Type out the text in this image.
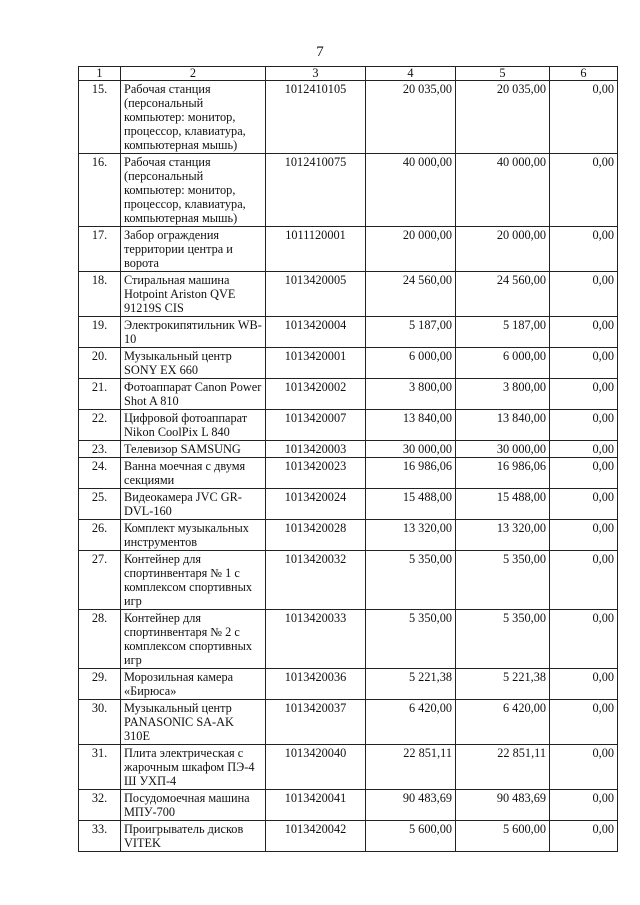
7
1	2	3	4	5	6
15.	Рабочая станция (персональный компьютер: монитор, процессор, клавиатура, компьютерная мышь)	1012410105	20 035,00	20 035,00	0,00
16.	Рабочая станция (персональный компьютер: монитор, процессор, клавиатура, компьютерная мышь)	1012410075	40 000,00	40 000,00	0,00
17.	Забор ограждения территории центра и ворота	1011120001	20 000,00	20 000,00	0,00
18.	Стиральная машина Hotpoint Ariston QVE 91219S CIS	1013420005	24 560,00	24 560,00	0,00
19.	Электрокипятильник WB-10	1013420004	5 187,00	5 187,00	0,00
20.	Музыкальный центр SONY EX 660	1013420001	6 000,00	6 000,00	0,00
21.	Фотоаппарат Canon Power Shot A 810	1013420002	3 800,00	3 800,00	0,00
22.	Цифровой фотоаппарат Nikon CoolPix L 840	1013420007	13 840,00	13 840,00	0,00
23.	Телевизор SAMSUNG	1013420003	30 000,00	30 000,00	0,00
24.	Ванна моечная с двумя секциями	1013420023	16 986,06	16 986,06	0,00
25.	Видеокамера JVC GR-DVL-160	1013420024	15 488,00	15 488,00	0,00
26.	Комплект музыкальных инструментов	1013420028	13 320,00	13 320,00	0,00
27.	Контейнер для спортинвентаря № 1 с комплексом спортивных игр	1013420032	5 350,00	5 350,00	0,00
28.	Контейнер для спортинвентаря № 2 с комплексом спортивных игр	1013420033	5 350,00	5 350,00	0,00
29.	Морозильная камера «Бирюса»	1013420036	5 221,38	5 221,38	0,00
30.	Музыкальный центр PANASONIC SA-AK 310E	1013420037	6 420,00	6 420,00	0,00
31.	Плита электрическая с жарочным шкафом ПЭ-4 Ш УХП-4	1013420040	22 851,11	22 851,11	0,00
32.	Посудомоечная машина МПУ-700	1013420041	90 483,69	90 483,69	0,00
33.	Проигрыватель дисков VITEK	1013420042	5 600,00	5 600,00	0,00
